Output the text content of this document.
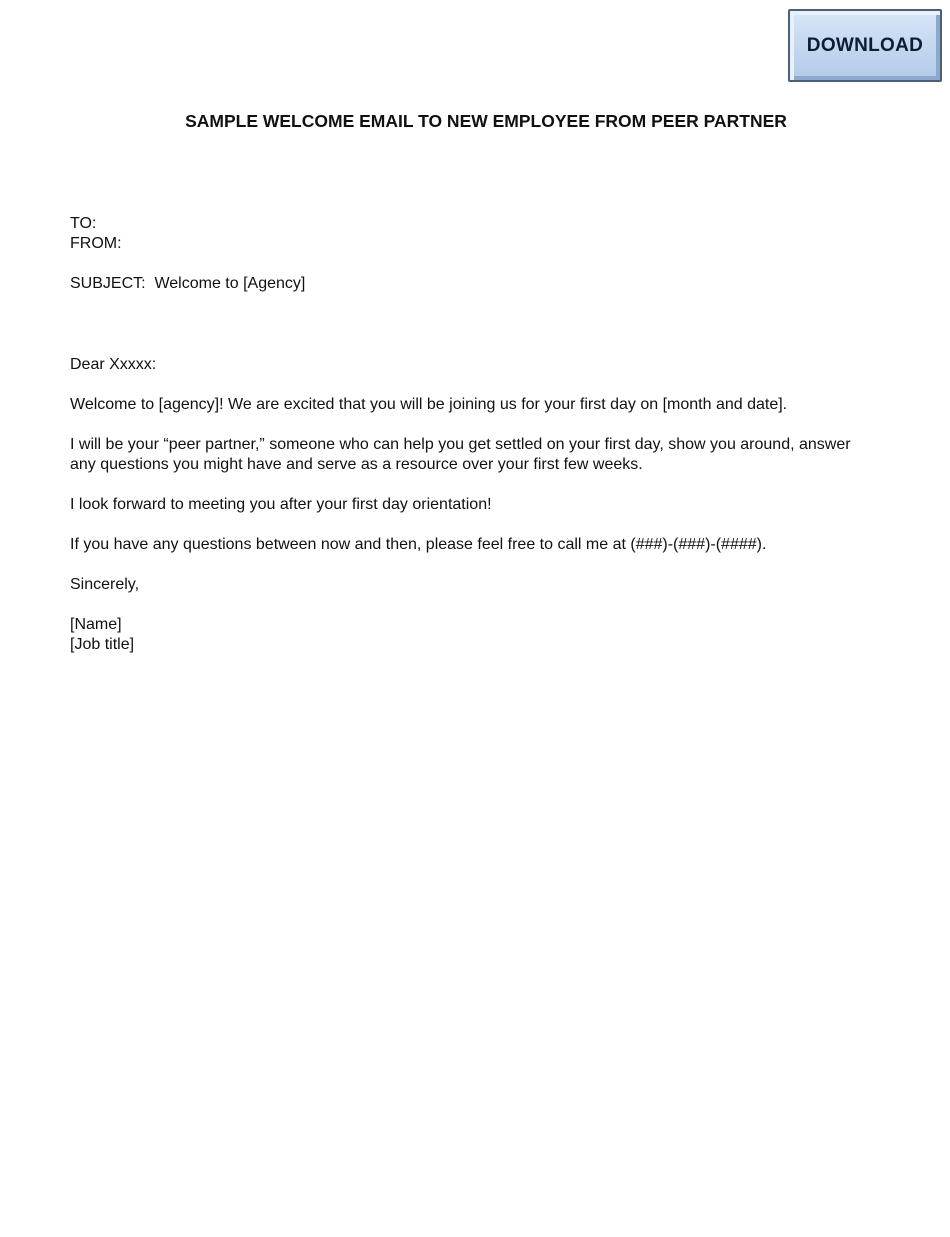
DOWNLOAD
SAMPLE WELCOME EMAIL TO NEW EMPLOYEE FROM PEER PARTNER

TO:

FROM:

SUBJECT:  Welcome to [Agency]

Dear Xxxxx:

Welcome to [agency]! We are excited that you will be joining us for your first day on [month and date].

I will be your “peer partner,” someone who can help you get settled on your first day, show you around, answer any questions you might have and serve as a resource over your first few weeks.

I look forward to meeting you after your first day orientation!

If you have any questions between now and then, please feel free to call me at (###)-(###)-(####).

Sincerely,

[Name]

[Job title]
